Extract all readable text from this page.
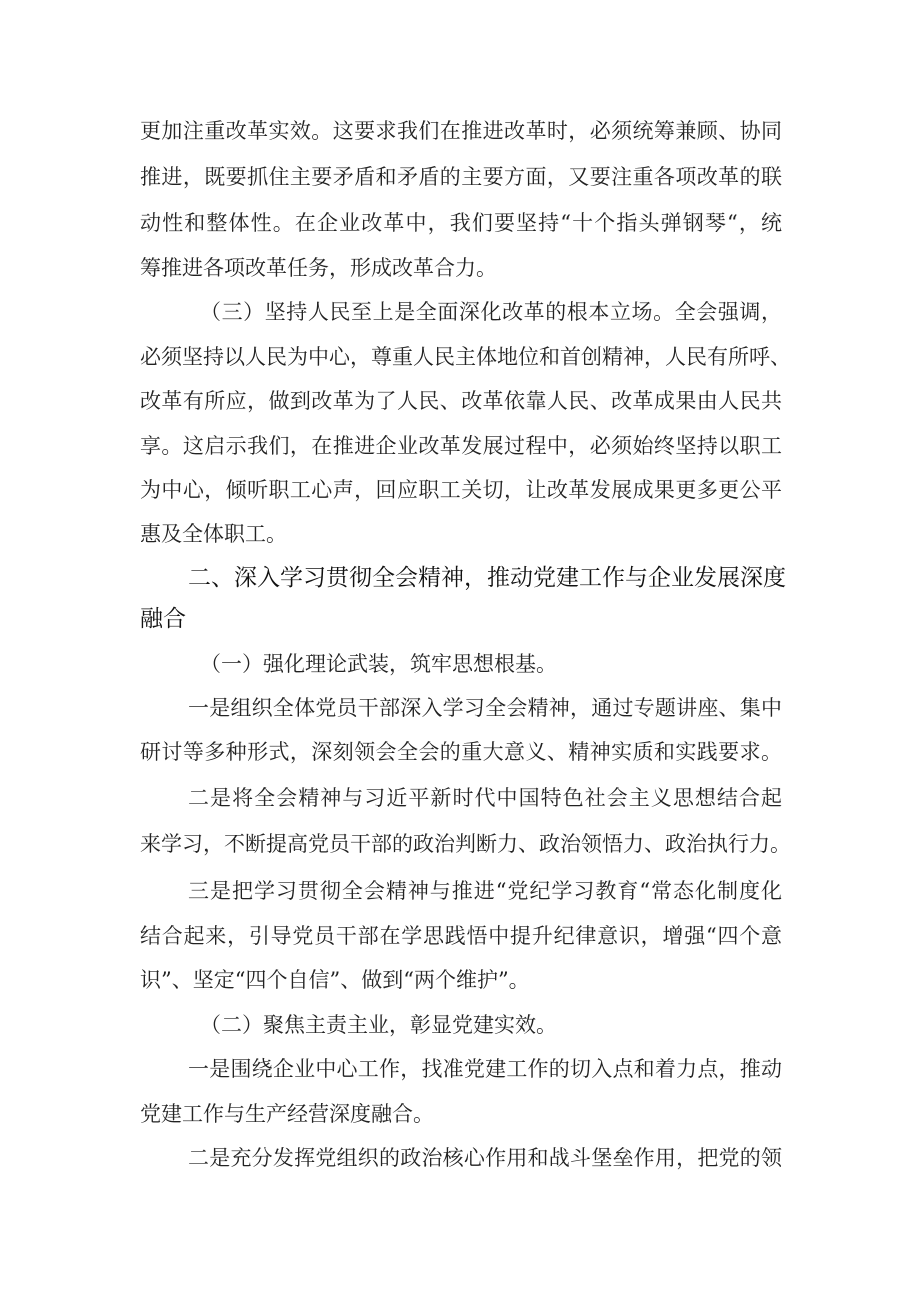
更加注重改革实效。这要求我们在推进改革时，必须统筹兼顾、协同
推进，既要抓住主要矛盾和矛盾的主要方面，又要注重各项改革的联
动性和整体性。在企业改革中，我们要坚持“十个指头弹钢琴“，统
筹推进各项改革任务，形成改革合力。
（三）坚持人民至上是全面深化改革的根本立场。全会强调，
必须坚持以人民为中心，尊重人民主体地位和首创精神，人民有所呼、
改革有所应，做到改革为了人民、改革依靠人民、改革成果由人民共
享。这启示我们，在推进企业改革发展过程中，必须始终坚持以职工
为中心，倾听职工心声，回应职工关切，让改革发展成果更多更公平
惠及全体职工。
二、深入学习贯彻全会精神，推动党建工作与企业发展深度
融合
（一）强化理论武装，筑牢思想根基。
一是组织全体党员干部深入学习全会精神，通过专题讲座、集中
研讨等多种形式，深刻领会全会的重大意义、精神实质和实践要求。
二是将全会精神与习近平新时代中国特色社会主义思想结合起
来学习，不断提高党员干部的政治判断力、政治领悟力、政治执行力。
三是把学习贯彻全会精神与推进“党纪学习教育“常态化制度化
结合起来，引导党员干部在学思践悟中提升纪律意识，增强“四个意
识”、坚定“四个自信”、做到“两个维护”。
（二）聚焦主责主业，彰显党建实效。
一是围绕企业中心工作，找准党建工作的切入点和着力点，推动
党建工作与生产经营深度融合。
二是充分发挥党组织的政治核心作用和战斗堡垒作用，把党的领
